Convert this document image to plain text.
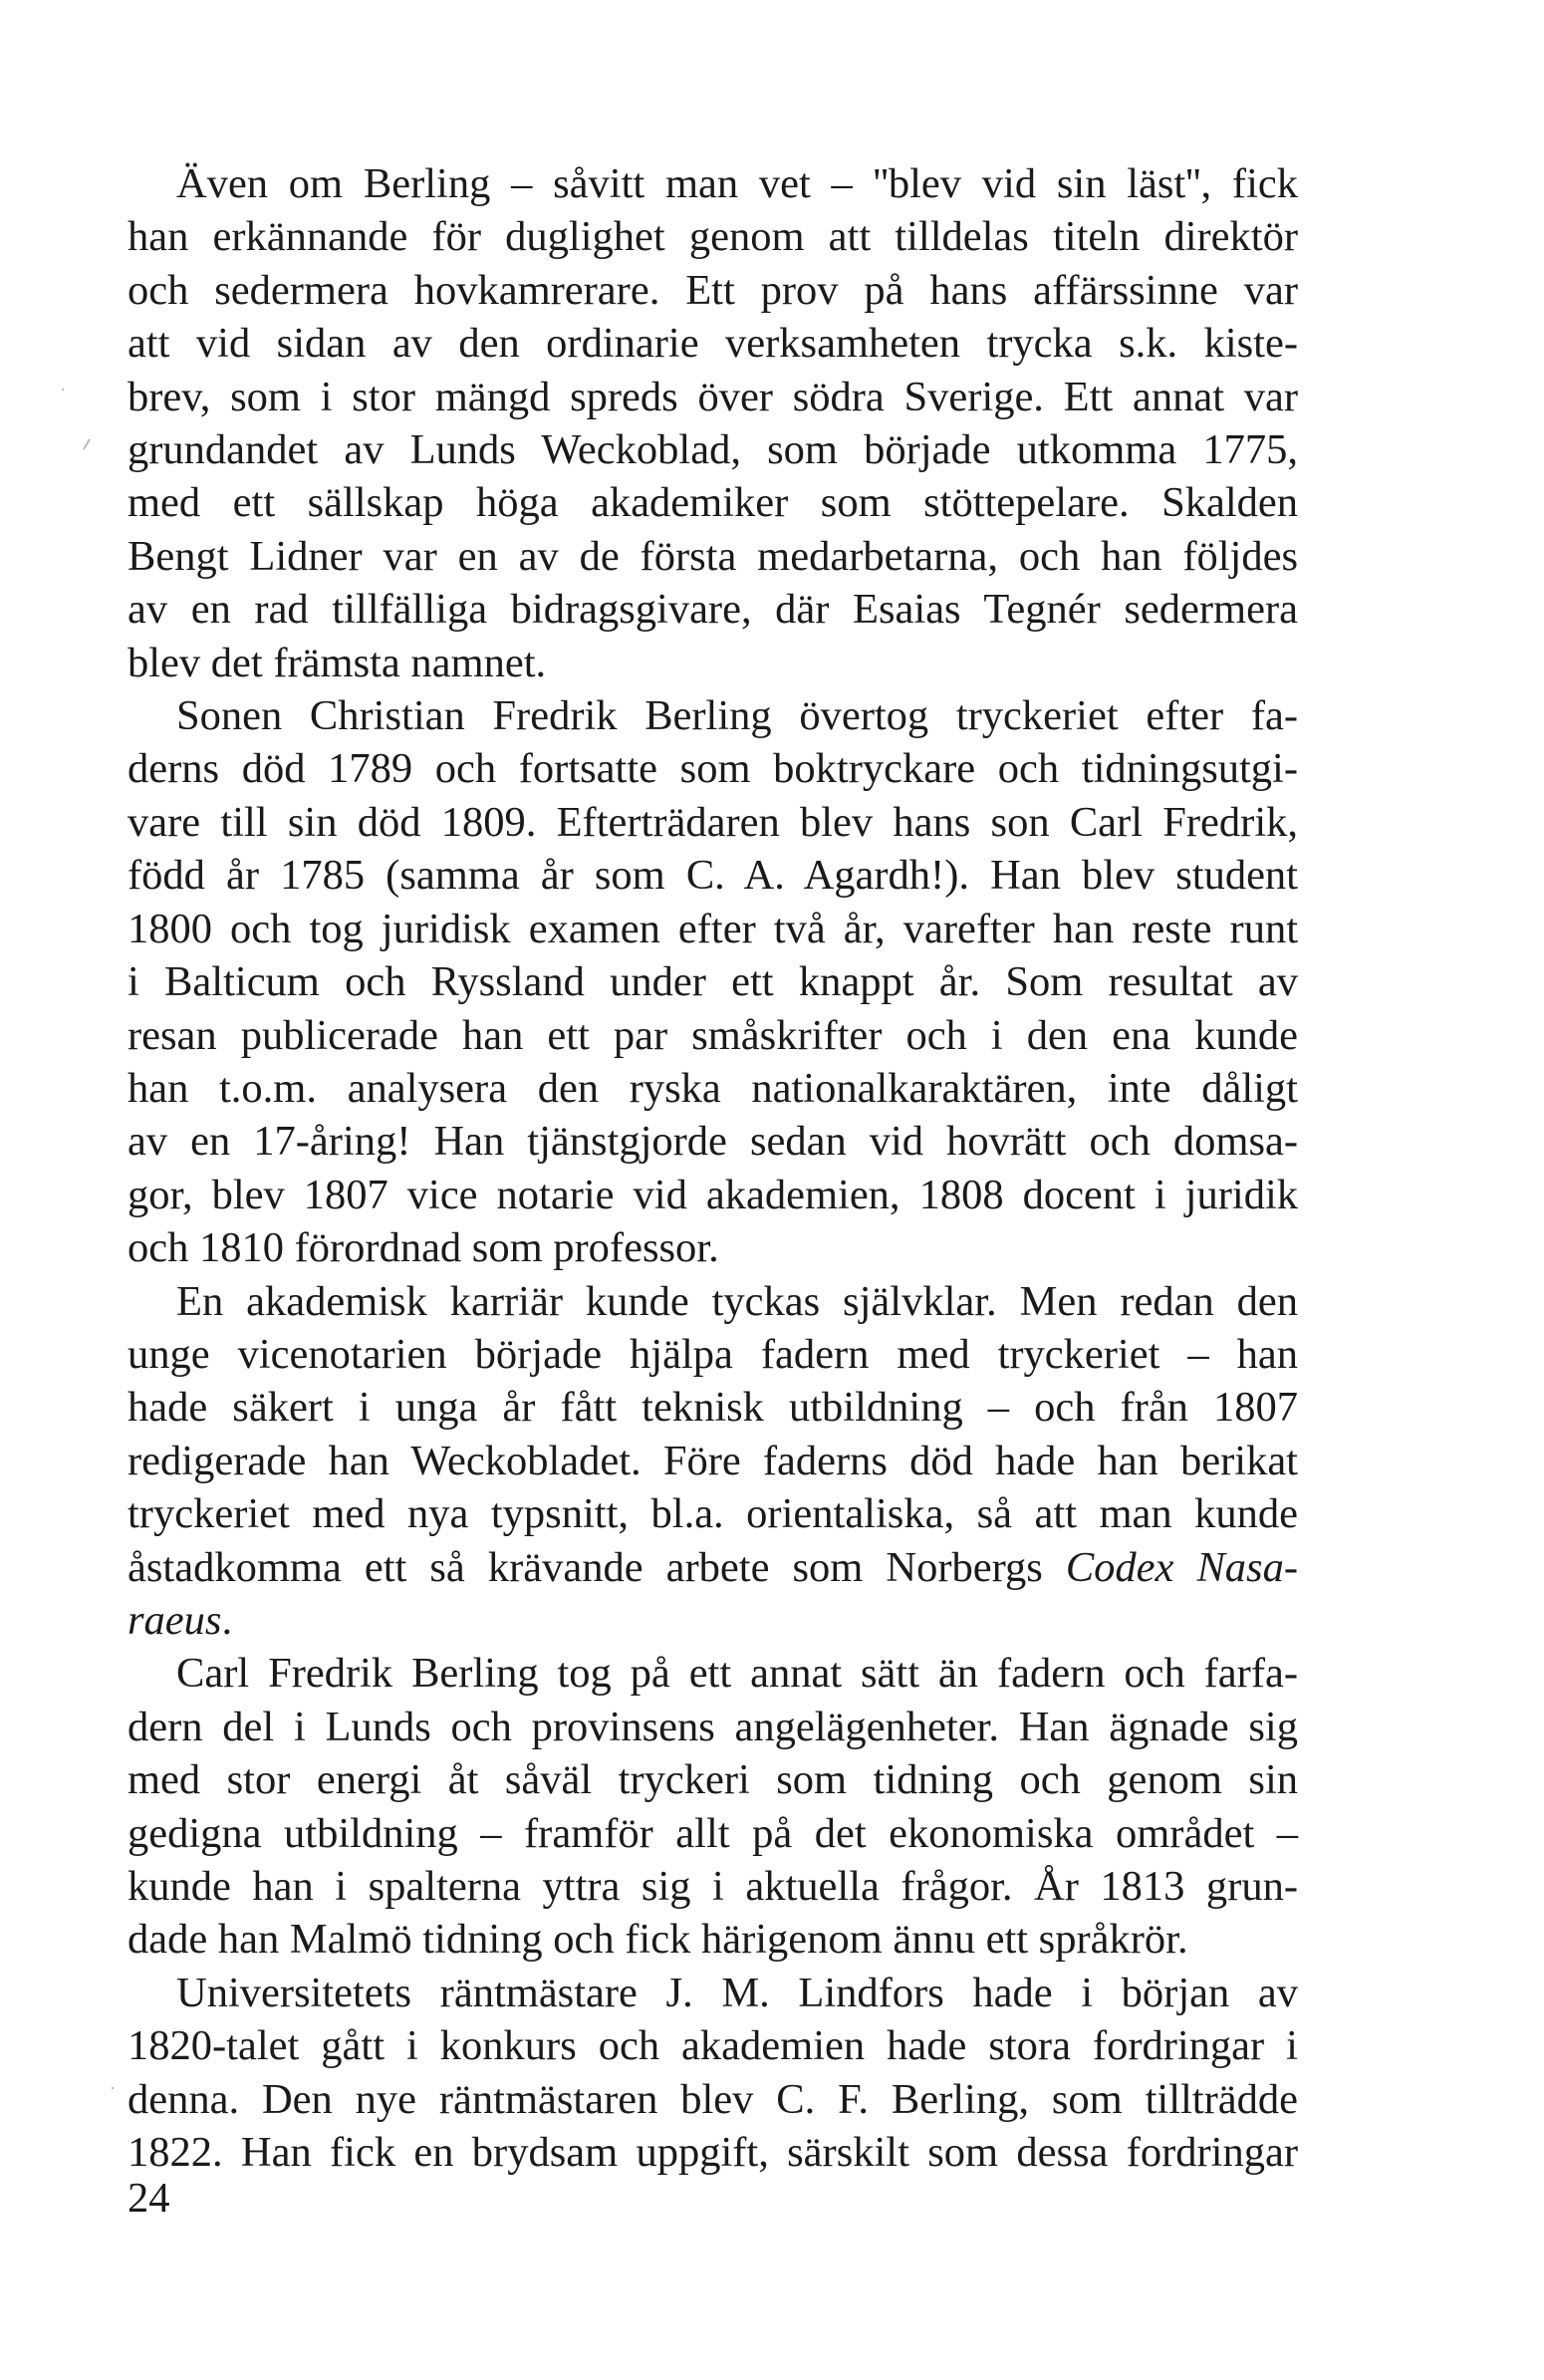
Även om Berling – såvitt man vet – ''blev vid sin läst'', fick
han erkännande för duglighet genom att tilldelas titeln direktör
och sedermera hovkamrerare. Ett prov på hans affärssinne var
att vid sidan av den ordinarie verksamheten trycka s.k. kiste-
brev, som i stor mängd spreds över södra Sverige. Ett annat var
grundandet av Lunds Weckoblad, som började utkomma 1775,
med ett sällskap höga akademiker som stöttepelare. Skalden
Bengt Lidner var en av de första medarbetarna, och han följdes
av en rad tillfälliga bidragsgivare, där Esaias Tegnér sedermera
blev det främsta namnet.
Sonen Christian Fredrik Berling övertog tryckeriet efter fa-
derns död 1789 och fortsatte som boktryckare och tidningsutgi-
vare till sin död 1809. Efterträdaren blev hans son Carl Fredrik,
född år 1785 (samma år som C. A. Agardh!). Han blev student
1800 och tog juridisk examen efter två år, varefter han reste runt
i Balticum och Ryssland under ett knappt år. Som resultat av
resan publicerade han ett par småskrifter och i den ena kunde
han t.o.m. analysera den ryska nationalkaraktären, inte dåligt
av en 17-åring! Han tjänstgjorde sedan vid hovrätt och domsa-
gor, blev 1807 vice notarie vid akademien, 1808 docent i juridik
och 1810 förordnad som professor.
En akademisk karriär kunde tyckas självklar. Men redan den
unge vicenotarien började hjälpa fadern med tryckeriet – han
hade säkert i unga år fått teknisk utbildning – och från 1807
redigerade han Weckobladet. Före faderns död hade han berikat
tryckeriet med nya typsnitt, bl.a. orientaliska, så att man kunde
åstadkomma ett så krävande arbete som Norbergs Codex Nasa-
raeus.
Carl Fredrik Berling tog på ett annat sätt än fadern och farfa-
dern del i Lunds och provinsens angelägenheter. Han ägnade sig
med stor energi åt såväl tryckeri som tidning och genom sin
gedigna utbildning – framför allt på det ekonomiska området –
kunde han i spalterna yttra sig i aktuella frågor. År 1813 grun-
dade han Malmö tidning och fick härigenom ännu ett språkrör.
Universitetets räntmästare J. M. Lindfors hade i början av
1820-talet gått i konkurs och akademien hade stora fordringar i
denna. Den nye räntmästaren blev C. F. Berling, som tillträdde
1822. Han fick en brydsam uppgift, särskilt som dessa fordringar
24
